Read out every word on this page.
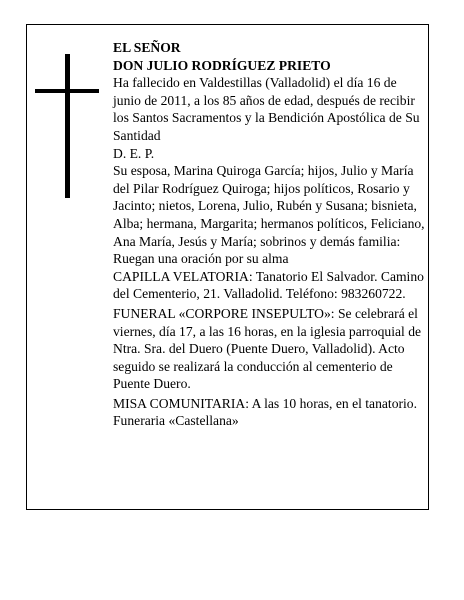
EL SEÑOR

DON JULIO RODRÍGUEZ PRIETO

Ha fallecido en Valdestillas (Valladolid) el día 16 de junio de 2011, a los 85 años de edad, después de recibir los Santos Sacramentos y la Bendición Apostólica de Su Santidad

D. E. P.

Su esposa, Marina Quiroga García; hijos, Julio y María del Pilar Rodríguez Quiroga; hijos políticos, Rosario y Jacinto; nietos, Lorena, Julio, Rubén y Susana; bisnieta, Alba; hermana, Margarita; hermanos políticos, Feliciano, Ana María, Jesús y María; sobrinos y demás familia:

Ruegan una oración por su alma

CAPILLA VELATORIA: Tanatorio El Salvador. Camino del Cementerio, 21. Valladolid. Teléfono: 983260722.

FUNERAL «CORPORE INSEPULTO»: Se celebrará el viernes, día 17, a las 16 horas, en la iglesia parroquial de Ntra. Sra. del Duero (Puente Duero, Valladolid). Acto seguido se realizará la conducción al cementerio de Puente Duero.

MISA COMUNITARIA: A las 10 horas, en el tanatorio.

Funeraria «Castellana»
